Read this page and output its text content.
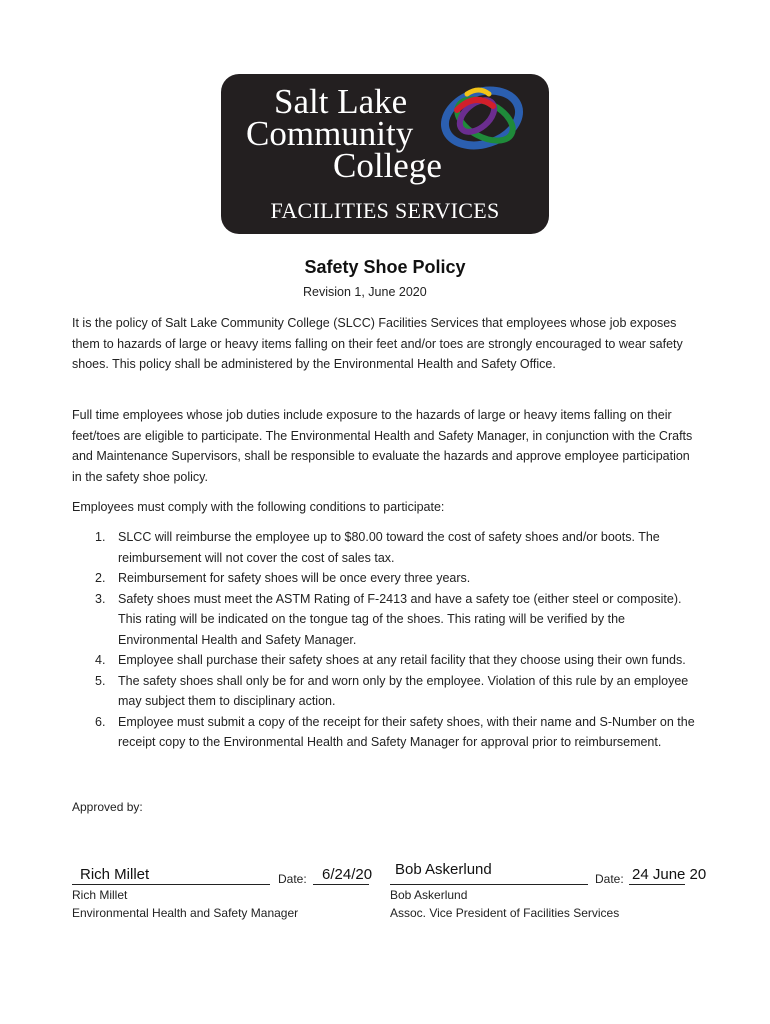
Salt Lake
Community
College
FACILITIES SERVICES
Safety Shoe Policy
Revision 1, June 2020

It is the policy of Salt Lake Community College (SLCC) Facilities Services that employees whose job exposes them to hazards of large or heavy items falling on their feet and/or toes are strongly encouraged to wear safety shoes. This policy shall be administered by the Environmental Health and Safety Office.

Full time employees whose job duties include exposure to the hazards of large or heavy items falling on their feet/toes are eligible to participate. The Environmental Health and Safety Manager, in conjunction with the Crafts and Maintenance Supervisors, shall be responsible to evaluate the hazards and approve employee participation in the safety shoe policy.

Employees must comply with the following conditions to participate:

1. SLCC will reimburse the employee up to $80.00 toward the cost of safety shoes and/or boots. The reimbursement will not cover the cost of sales tax.
2. Reimbursement for safety shoes will be once every three years.
3. Safety shoes must meet the ASTM Rating of F-2413 and have a safety toe (either steel or composite). This rating will be indicated on the tongue tag of the shoes. This rating will be verified by the Environmental Health and Safety Manager.
4. Employee shall purchase their safety shoes at any retail facility that they choose using their own funds.
5. The safety shoes shall only be for and worn only by the employee. Violation of this rule by an employee may subject them to disciplinary action.
6. Employee must submit a copy of the receipt for their safety shoes, with their name and S-Number on the receipt copy to the Environmental Health and Safety Manager for approval prior to reimbursement.
Approved by:
Rich Millet	Date: 6/24/20
Rich Millet
Environmental Health and Safety Manager
Bob Askerlund
Date: 24 June 20
Bob Askerlund
Assoc. Vice President of Facilities Services
